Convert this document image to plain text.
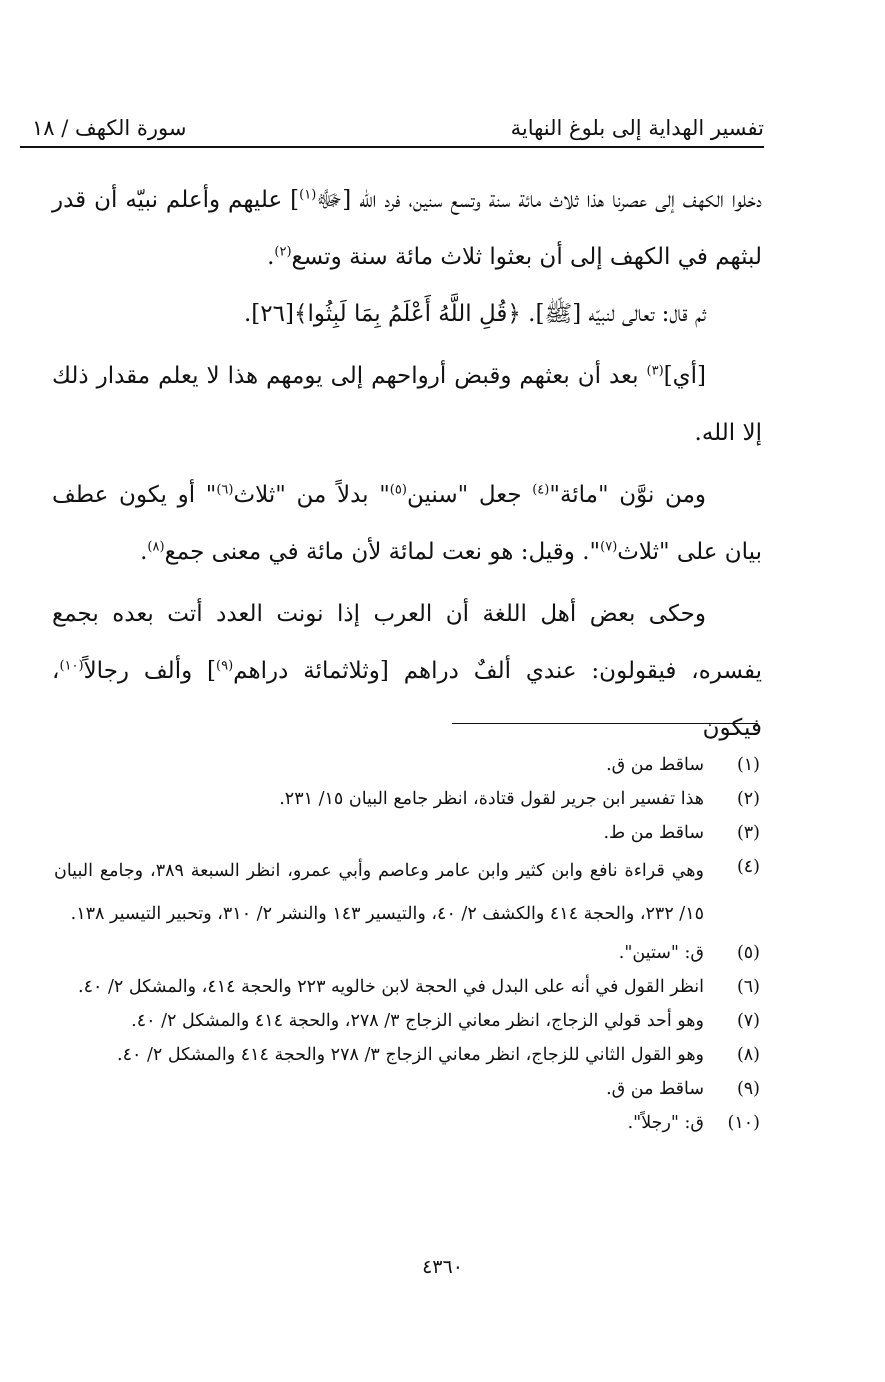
تفسير الهداية إلى بلوغ النهاية
سورة الكهف / ١٨

دخلوا الكهف إلى عصرنا هذا ثلاث مائة سنة وتسع سنين، فرد الله [ﷻ$^{(١)}$] عليهم وأعلم نبيّه أن قدر لبثهم في الكهف إلى أن بعثوا ثلاث مائة سنة وتسع$^{(٢)}$.

ثم قال: تعالى لنبيّه [ﷺ]. ﴿قُلِ اللَّهُ أَعْلَمُ بِمَا لَبِثُوا﴾[٢٦].

[أي]$^{(٣)}$ بعد أن بعثهم وقبض أرواحهم إلى يومهم هذا لا يعلم مقدار ذلك إلا الله.

ومن نوَّن "مائة"$^{(٤)}$ جعل "سنين$^{(٥)}$" بدلاً من "ثلاث$^{(٦)}$" أو يكون عطف بيان على "ثلاث$^{(٧)}$". وقيل: هو نعت لمائة لأن مائة في معنى جمع$^{(٨)}$.

وحكى بعض أهل اللغة أن العرب إذا نونت العدد أتت بعده بجمع يفسره، فيقولون: عندي ألفٌ دراهم [وثلاثمائة دراهم$^{(٩)}$] وألف رجالاً$^{(١٠)}$، فيكون

(١)
ساقط من ق.
(٢)
هذا تفسير ابن جرير لقول قتادة، انظر جامع البيان ١٥/ ٢٣١.
(٣)
ساقط من ط.
(٤)
وهي قراءة نافع وابن كثير وابن عامر وعاصم وأبي عمرو، انظر السبعة ٣٨٩، وجامع البيان ١٥/ ٢٣٢، والحجة ٤١٤ والكشف ٢/ ٤٠، والتيسير ١٤٣ والنشر ٢/ ٣١٠، وتحبير التيسير ١٣٨.
(٥)
ق: "ستين".
(٦)
انظر القول في أنه على البدل في الحجة لابن خالويه ٢٢٣ والحجة ٤١٤، والمشكل ٢/ ٤٠.
(٧)
وهو أحد قولي الزجاج، انظر معاني الزجاج ٣/ ٢٧٨، والحجة ٤١٤ والمشكل ٢/ ٤٠.
(٨)
وهو القول الثاني للزجاج، انظر معاني الزجاج ٣/ ٢٧٨ والحجة ٤١٤ والمشكل ٢/ ٤٠.
(٩)
ساقط من ق.
(١٠)
ق: "رجلاً".
٤٣٦٠
